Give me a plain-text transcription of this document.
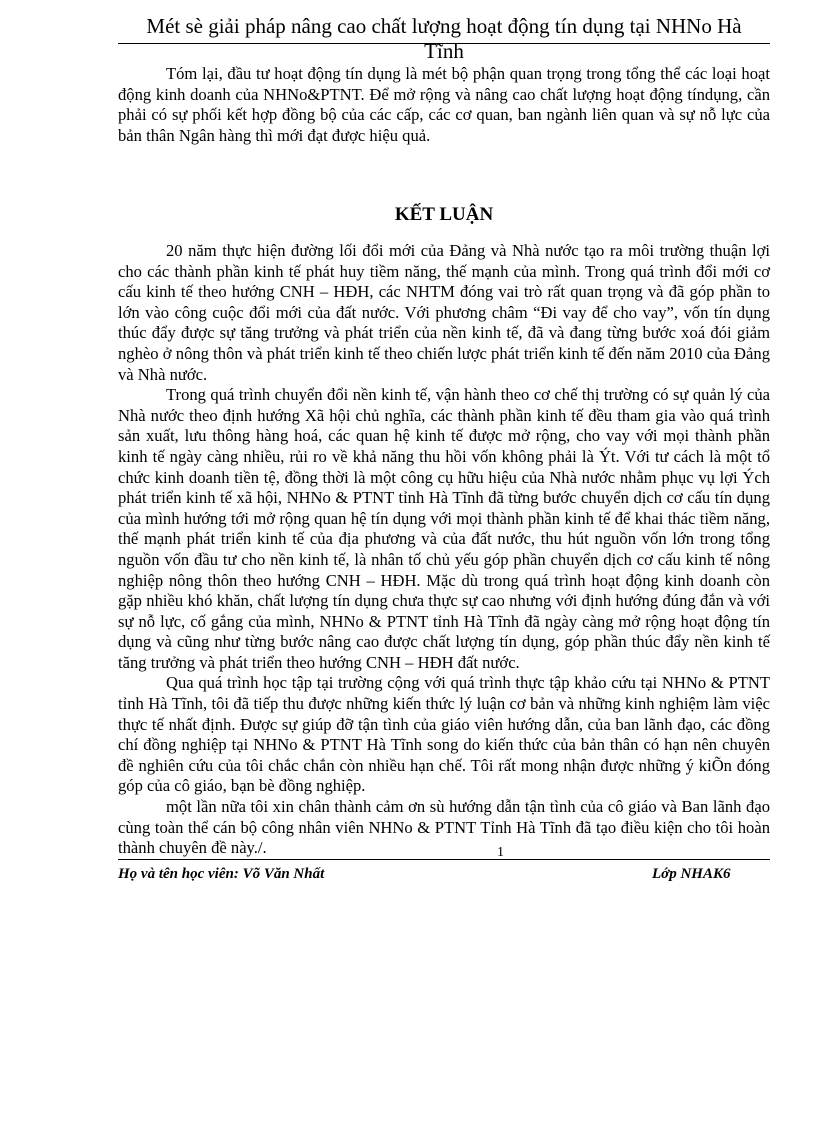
Mét sè giải pháp nâng cao chất lượng hoạt động tín dụng tại NHNo Hà
Tĩnh

Tóm lại, đầu tư hoạt động tín dụng là mét bộ phận quan trọng trong tổng thể các loại hoạt động kinh doanh của NHNo&PTNT. Để mở rộng và nâng cao chất lượng hoạt động tíndụng, cần phải có sự phối kết hợp đồng bộ của các cấp, các cơ quan, ban ngành liên quan và sự nỗ lực của bản thân Ngân hàng thì mới đạt được hiệu quả.

KẾT LUẬN

20 năm thực hiện đường lối đổi mới của Đảng và Nhà nước tạo ra môi trường thuận lợi cho các thành phần kinh tế phát huy tiềm năng, thế mạnh của mình. Trong quá trình đổi mới cơ cấu kinh tế theo hướng CNH – HĐH, các NHTM đóng vai trò rất quan trọng và đã góp phần to lớn vào công cuộc đổi mới của đất nước. Với phương châm “Đi vay để cho vay”, vốn tín dụng thúc đẩy được sự tăng trưởng và phát triển của nền kinh tế, đã và đang từng bước xoá đói giảm nghèo ở nông thôn và phát triển kinh tế theo chiến lược phát triển kinh tế đến năm 2010 của Đảng và Nhà nước.

Trong quá trình chuyển đổi nền kinh tế, vận hành theo cơ chế thị trường có sự quản lý của Nhà nước theo định hướng Xã hội chủ nghĩa, các thành phần kinh tế đều tham gia vào quá trình sản xuất, lưu thông hàng hoá, các quan hệ kinh tế được mở rộng, cho vay với mọi thành phần kinh tế ngày càng nhiều, rủi ro về khả năng thu hồi vốn không phải là Ýt. Với tư cách là một tổ chức kinh doanh tiền tệ, đồng thời là một công cụ hữu hiệu của Nhà nước nhằm phục vụ lợi Ých phát triển kinh tế xã hội, NHNo & PTNT tỉnh Hà Tĩnh đã từng bước chuyển dịch cơ cấu tín dụng của mình hướng tới mở rộng quan hệ tín dụng với mọi thành phần kinh tế để khai thác tiềm năng, thế mạnh phát triển kinh tế của địa phương và của đất nước, thu hút nguồn vốn lớn trong tổng nguồn vốn đầu tư cho nền kinh tế, là nhân tố chủ yếu góp phần chuyển dịch cơ cấu kinh tế nông nghiệp nông thôn theo hướng CNH – HĐH. Mặc dù trong quá trình hoạt động kinh doanh còn gặp nhiều khó khăn, chất lượng tín dụng chưa thực sự cao nhưng với định hướng đúng đắn và với sự nỗ lực, cố gắng của mình, NHNo & PTNT tỉnh Hà Tĩnh đã ngày càng mở rộng hoạt động tín dụng và cũng như từng bước nâng cao được chất lượng tín dụng, góp phần thúc đẩy nền kinh tế tăng trưởng và phát triển theo hướng CNH – HĐH đất nước.

Qua quá trình học tập tại trường cộng với quá trình thực tập khảo cứu tại NHNo & PTNT tỉnh Hà Tĩnh, tôi đã tiếp thu được những kiến thức lý luận cơ bản và những kinh nghiệm làm việc thực tế nhất định. Được sự giúp đỡ tận tình của giáo viên hướng dẫn, của ban lãnh đạo, các đồng chí đồng nghiệp tại NHNo & PTNT Hà Tĩnh song do kiến thức của bản thân có hạn nên chuyên đề nghiên cứu của tôi chắc chắn còn nhiều hạn chế. Tôi rất mong nhận được những ý kiÕn đóng góp của cô giáo, bạn bè đồng nghiệp.

một lần nữa tôi xin chân thành cảm ơn sù hướng dẫn tận tình của cô giáo và Ban lãnh đạo cùng toàn thể cán bộ công nhân viên NHNo & PTNT Tỉnh Hà Tĩnh đã tạo điều kiện cho tôi hoàn thành chuyên đề này./.	1
Họ và tên học viên: Võ Văn Nhất	Lớp NHAK6
